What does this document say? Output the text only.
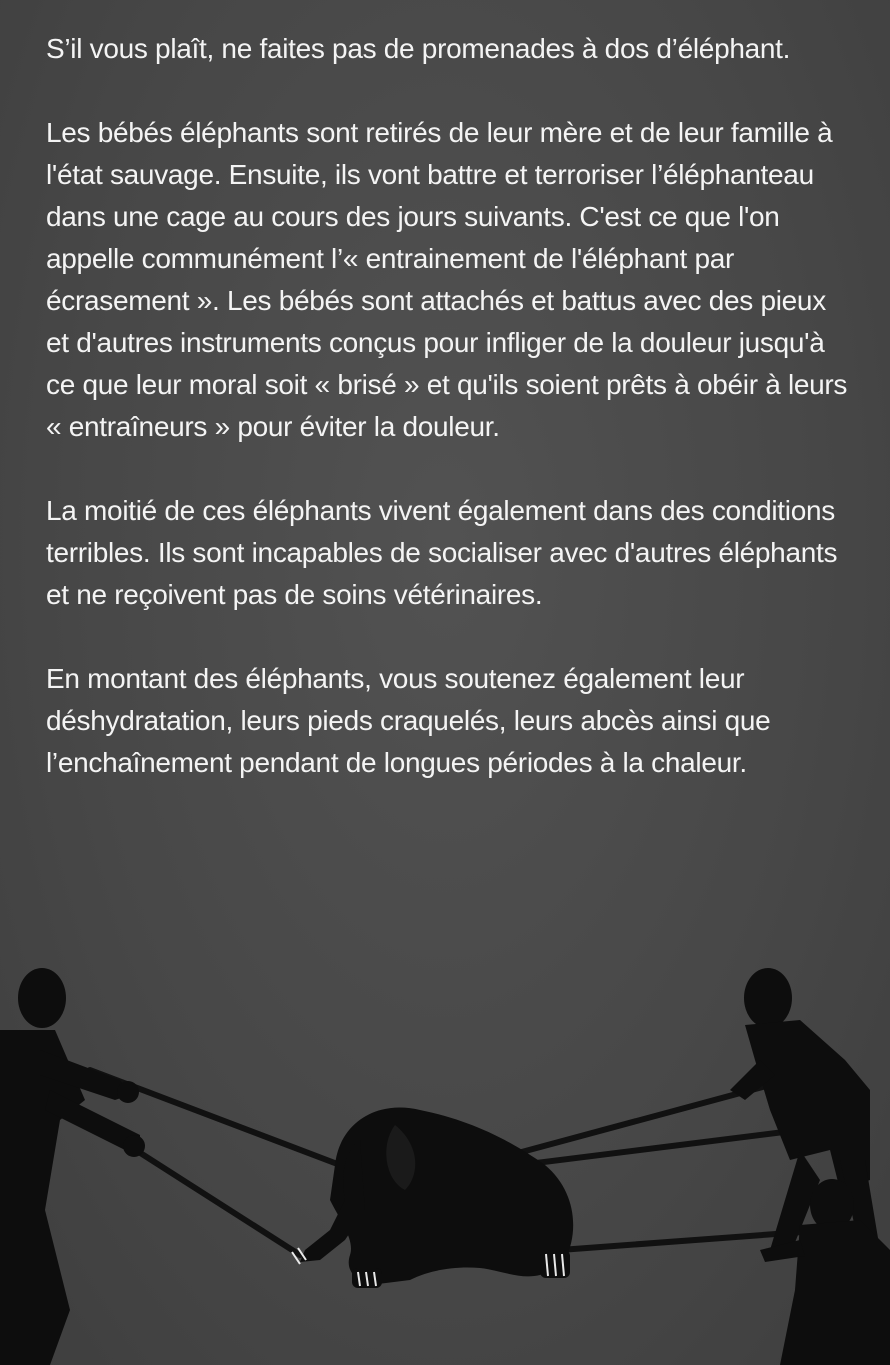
S’il vous plaît, ne faites pas de promenades à dos d’éléphant.

Les bébés éléphants sont retirés de leur mère et de leur famille à l'état sauvage. Ensuite, ils vont battre et terroriser l’éléphanteau dans une cage au cours des jours suivants. C'est ce que l'on appelle communément l’« entrainement de l'éléphant par écrasement ». Les bébés sont attachés et battus avec des pieux et d'autres instruments conçus pour infliger de la douleur jusqu'à ce que leur moral soit « brisé » et qu'ils soient prêts à obéir à leurs « entraîneurs » pour éviter la douleur.

La moitié de ces éléphants vivent également dans des conditions terribles. Ils sont incapables de socialiser avec d'autres éléphants et ne reçoivent pas de soins vétérinaires.

En montant des éléphants, vous soutenez également leur déshydratation, leurs pieds craquelés, leurs abcès ainsi que l’enchaînement pendant de longues périodes à la chaleur.
